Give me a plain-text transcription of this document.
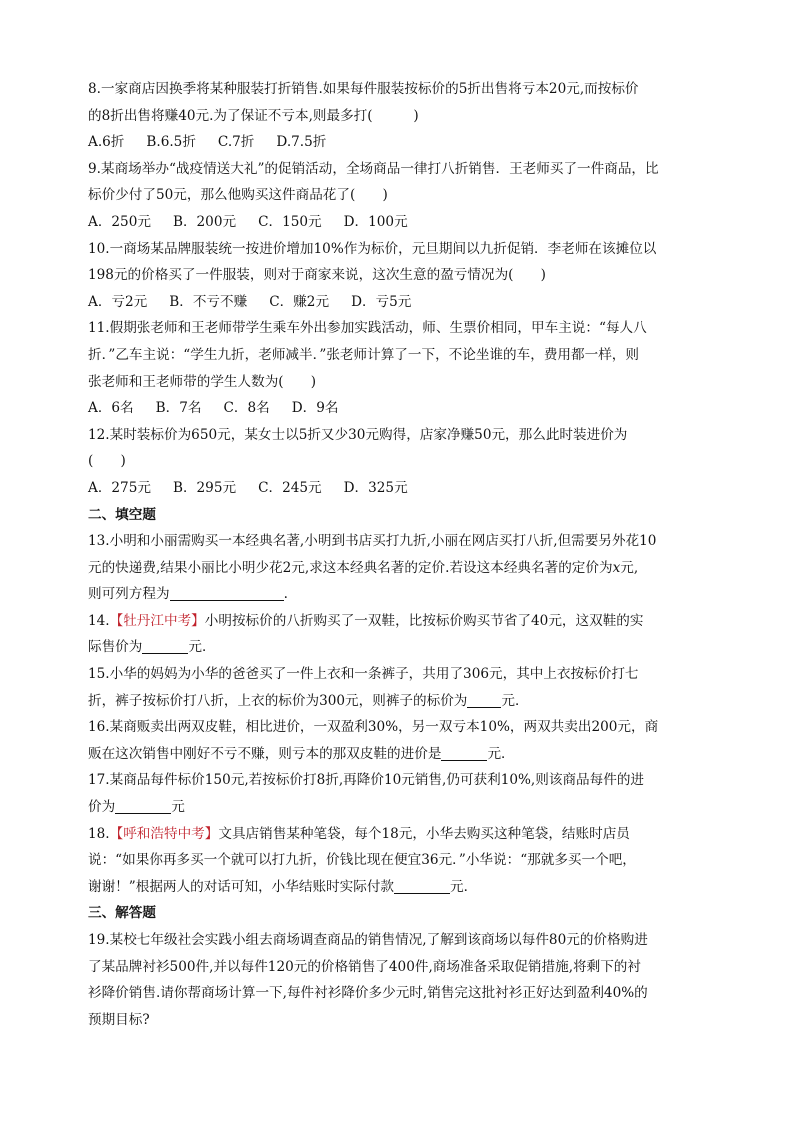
8.一家商店因换季将某种服装打折销售.如果每件服装按标价的5折出售将亏本20元,而按标价

的8折出售将赚40元.为了保证不亏本,则最多打(　　　)

A.6折 B.6.5折 C.7折 D.7.5折

9.某商场举办“战疫情送大礼”的促销活动，全场商品一律打八折销售．王老师买了一件商品，比

标价少付了50元，那么他购买这件商品花了(　　)

A．250元 B．200元 C．150元 D．100元

10.一商场某品牌服装统一按进价增加10%作为标价，元旦期间以九折促销．李老师在该摊位以

198元的价格买了一件服装，则对于商家来说，这次生意的盈亏情况为(　　)

A．亏2元 B．不亏不赚 C．赚2元 D．亏5元

11.假期张老师和王老师带学生乘车外出参加实践活动，师、生票价相同，甲车主说：“每人八

折．”乙车主说：“学生九折，老师减半．”张老师计算了一下，不论坐谁的车，费用都一样，则

张老师和王老师带的学生人数为(　　)

A．6名 B．7名 C．8名 D．9名

12.某时装标价为650元，某女士以5折又少30元购得，店家净赚50元，那么此时装进价为

(　　)

A．275元 B．295元 C．245元 D．325元

二、填空题

13.小明和小丽需购买一本经典名著,小明到书店买打九折,小丽在网店买打八折,但需要另外花10

元的快递费,结果小丽比小明少花2元,求这本经典名著的定价.若设这本经典名著的定价为x元,

则可列方程为	.

14.【牡丹江中考】小明按标价的八折购买了一双鞋，比按标价购买节省了40元，这双鞋的实

际售价为	元．

15.小华的妈妈为小华的爸爸买了一件上衣和一条裤子，共用了306元，其中上衣按标价打七

折，裤子按标价打八折，上衣的标价为300元，则裤子的标价为	元．

16.某商贩卖出两双皮鞋，相比进价，一双盈利30%，另一双亏本10%，两双共卖出200元，商

贩在这次销售中刚好不亏不赚，则亏本的那双皮鞋的进价是	元．

17.某商品每件标价150元,若按标价打8折,再降价10元销售,仍可获利10%,则该商品每件的进

价为	元

18.【呼和浩特中考】文具店销售某种笔袋，每个18元，小华去购买这种笔袋，结账时店员

说：“如果你再多买一个就可以打九折，价钱比现在便宜36元．”小华说：“那就多买一个吧，

谢谢！”根据两人的对话可知，小华结账时实际付款	元．

三、解答题

19.某校七年级社会实践小组去商场调查商品的销售情况,了解到该商场以每件80元的价格购进

了某品牌衬衫500件,并以每件120元的价格销售了400件,商场准备采取促销措施,将剩下的衬

衫降价销售.请你帮商场计算一下,每件衬衫降价多少元时,销售完这批衬衫正好达到盈利40%的

预期目标?
